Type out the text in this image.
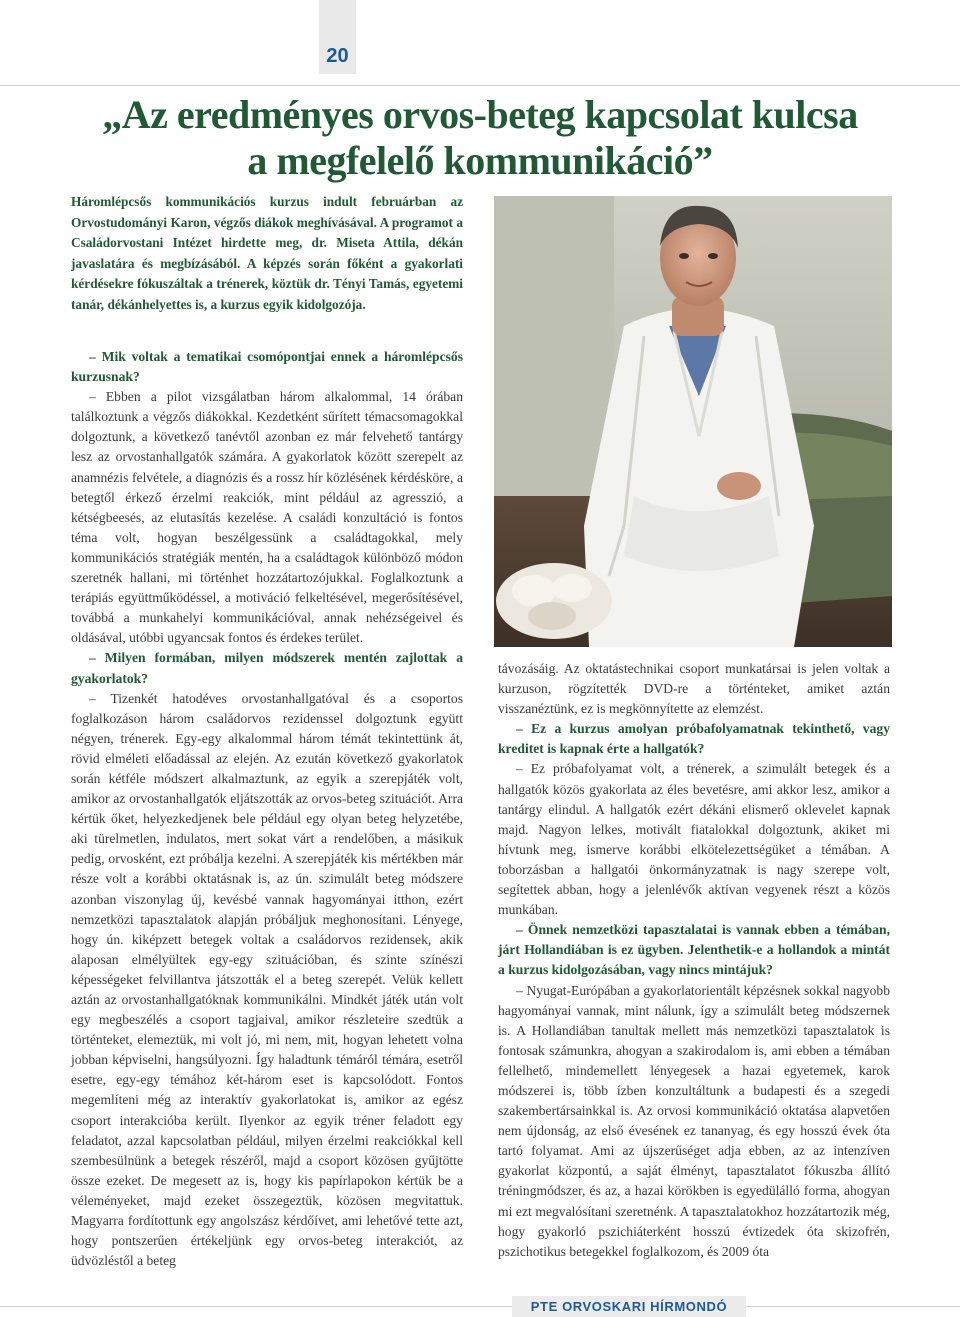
20
„Az eredményes orvos-beteg kapcsolat kulcsa
a megfelelő kommunikáció”
Háromlépcsős kommunikációs kurzus indult februárban az Orvostudományi Karon, végzős diákok meghívásával. A programot a Családorvostani Intézet hirdette meg, dr. Miseta Attila, dékán javaslatára és megbízásából. A képzés során főként a gyakorlati kérdésekre fókuszáltak a trénerek, köztük dr. Tényi Tamás, egyetemi tanár, dékánhelyettes is, a kurzus egyik kidolgozója.

– Mik voltak a tematikai csomópontjai ennek a háromlépcsős kurzusnak?

– Ebben a pilot vizsgálatban három alkalommal, 14 órában találkoztunk a végzős diákokkal. Kezdetként sűrített témacsomagokkal dolgoztunk, a következő tanévtől azonban ez már felvehető tantárgy lesz az orvostanhallgatók számára. A gyakorlatok között szerepelt az anamnézis felvétele, a diagnózis és a rossz hír közlésének kérdésköre, a betegtől érkező érzelmi reakciók, mint például az agresszió, a kétségbeesés, az elutasítás kezelése. A családi konzultáció is fontos téma volt, hogyan beszélgessünk a családtagokkal, mely kommunikációs stratégiák mentén, ha a családtagok különböző módon szeretnék hallani, mi történhet hozzátartozójukkal. Foglalkoztunk a terápiás együttműködéssel, a motiváció felkeltésével, megerősítésével, továbbá a munkahelyi kommunikációval, annak nehézségeivel és oldásával, utóbbi ugyancsak fontos és érdekes terület.

– Milyen formában, milyen módszerek mentén zajlottak a gyakorlatok?

– Tizenkét hatodéves orvostanhallgatóval és a csoportos foglalkozáson három családorvos rezidenssel dolgoztunk együtt négyen, trénerek. Egy-egy alkalommal három témát tekintettünk át, rövid elméleti előadással az elején. Az ezután következő gyakorlatok során kétféle módszert alkalmaztunk, az egyik a szerepjáték volt, amikor az orvostanhallgatók eljátszották az orvos-beteg szituációt. Arra kértük őket, helyezkedjenek bele például egy olyan beteg helyzetébe, aki türelmetlen, indulatos, mert sokat várt a rendelőben, a másikuk pedig, orvosként, ezt próbálja kezelni. A szerepjáték kis mértékben már része volt a korábbi oktatásnak is, az ún. szimulált beteg módszere azonban viszonylag új, kevésbé vannak hagyományai itthon, ezért nemzetközi tapasztalatok alapján próbáljuk meghonosítani. Lényege, hogy ún. kiképzett betegek voltak a családorvos rezidensek, akik alaposan elmélyültek egy-egy szituációban, és szinte színészi képességeket felvillantva játszották el a beteg szerepét. Velük kellett aztán az orvostanhallgatóknak kommunikálni. Mindkét játék után volt egy megbeszélés a csoport tagjaival, amikor részleteire szedtük a történteket, elemeztük, mi volt jó, mi nem, mit, hogyan lehetett volna jobban képviselni, hangsúlyozni. Így haladtunk témáról témára, esetről esetre, egy-egy témához két-három eset is kapcsolódott. Fontos megemlíteni még az interaktív gyakorlatokat is, amikor az egész csoport interakcióba került. Ilyenkor az egyik tréner feladott egy feladatot, azzal kapcsolatban például, milyen érzelmi reakciókkal kell szembesülnünk a betegek részéről, majd a csoport közösen gyűjtötte össze ezeket. De megesett az is, hogy kis papírlapokon kértük be a véleményeket, majd ezeket összegeztük, közösen megvitattuk. Magyarra fordítottunk egy angolszász kérdőívet, ami lehetővé tette azt, hogy pontszerűen értékeljünk egy orvos-beteg interakciót, az üdvözléstől a beteg

távozásáig. Az oktatástechnikai csoport munkatársai is jelen voltak a kurzuson, rögzítették DVD-re a történteket, amiket aztán visszanéztünk, ez is megkönnyítette az elemzést.

– Ez a kurzus amolyan próbafolyamatnak tekinthető, vagy kreditet is kapnak érte a hallgatók?

– Ez próbafolyamat volt, a trénerek, a szimulált betegek és a hallgatók közös gyakorlata az éles bevetésre, ami akkor lesz, amikor a tantárgy elindul. A hallgatók ezért dékáni elismerő oklevelet kapnak majd. Nagyon lelkes, motivált fiatalokkal dolgoztunk, akiket mi hívtunk meg, ismerve korábbi elkötelezettségüket a témában. A toborzásban a hallgatói önkormányzatnak is nagy szerepe volt, segítettek abban, hogy a jelenlévők aktívan vegyenek részt a közös munkában.

– Önnek nemzetközi tapasztalatai is vannak ebben a témában, járt Hollandiában is ez ügyben. Jelenthetik-e a hollandok a mintát a kurzus kidolgozásában, vagy nincs mintájuk?

– Nyugat-Európában a gyakorlatorientált képzésnek sokkal nagyobb hagyományai vannak, mint nálunk, így a szimulált beteg módszernek is. A Hollandiában tanultak mellett más nemzetközi tapasztalatok is fontosak számunkra, ahogyan a szakirodalom is, ami ebben a témában fellelhető, mindemellett lényegesek a hazai egyetemek, karok módszerei is, több ízben konzultáltunk a budapesti és a szegedi szakembertársainkkal is. Az orvosi kommunikáció oktatása alapvetően nem újdonság, az első évesének ez tananyag, és egy hosszú évek óta tartó folyamat. Ami az újszerűséget adja ebben, az az intenzíven gyakorlat központú, a saját élményt, tapasztalatot fókuszba állító tréningmódszer, és az, a hazai körökben is egyedülálló forma, ahogyan mi ezt megvalósítani szeretnénk. A tapasztalatokhoz hozzátartozik még, hogy gyakorló pszichiáterként hosszú évtizedek óta skizofrén, pszichotikus betegekkel foglalkozom, és 2009 óta

PTE ORVOSKARI HÍRMONDÓ
